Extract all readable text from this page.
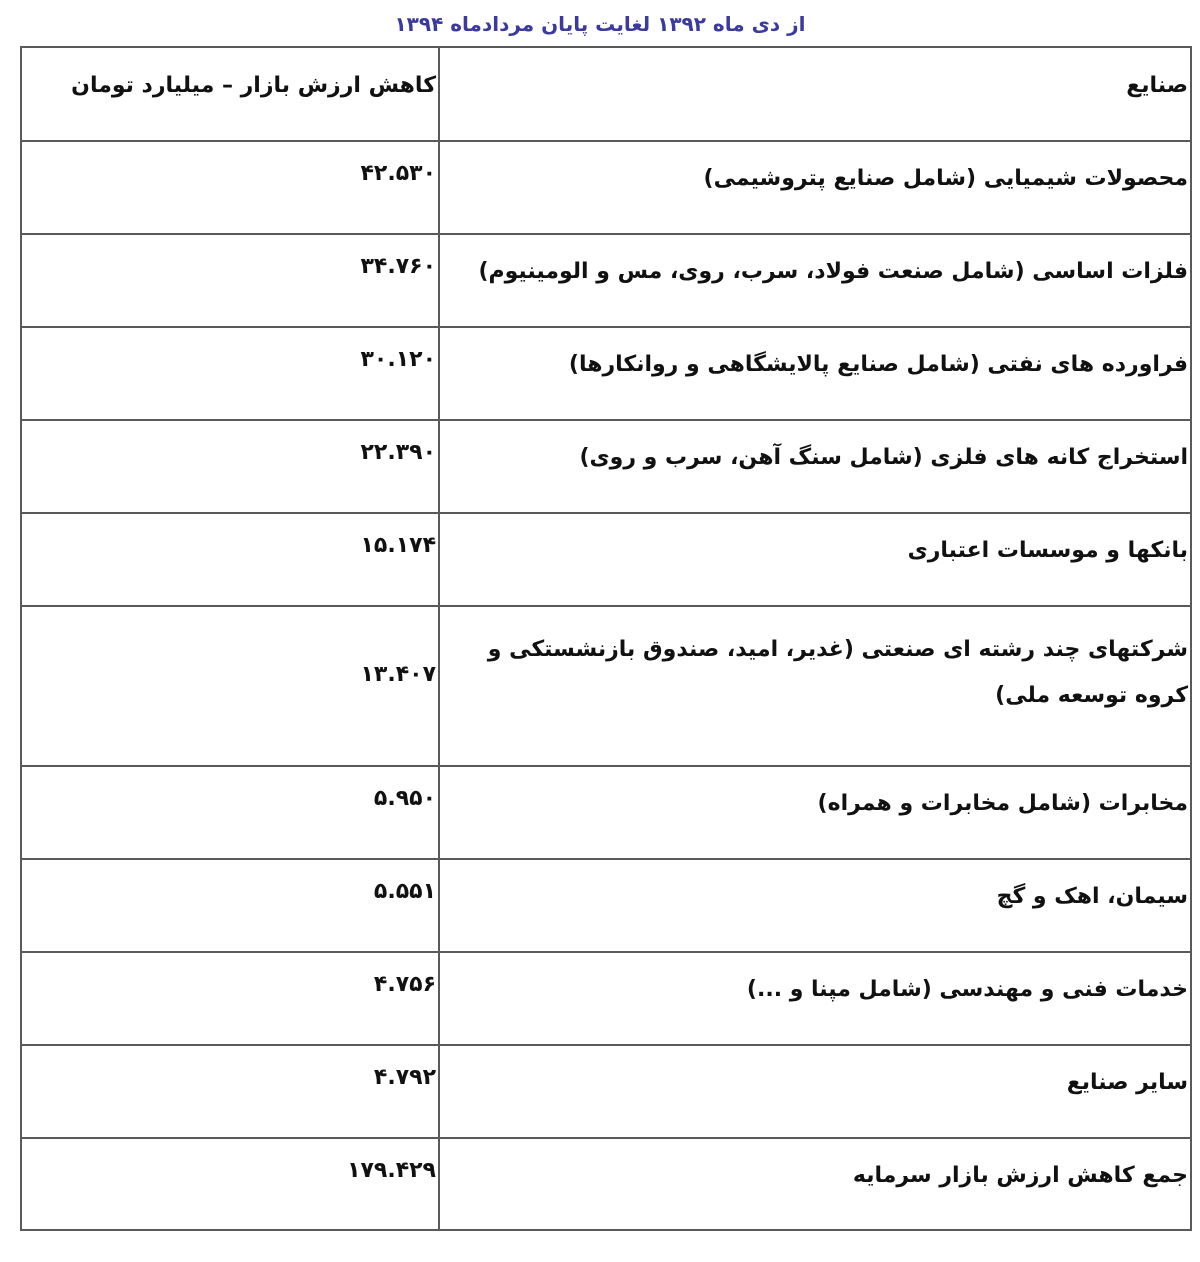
از دی ماه ۱۳۹۲ لغایت پایان مردادماه ۱۳۹۴
صنایع	کاهش ارزش بازار – میلیارد تومان

محصولات شیمیایی (شامل صنایع پتروشیمی)	۴۲.۵۳۰

فلزات اساسی (شامل صنعت فولاد، سرب، روی، مس و الومینیوم)	۳۴.۷۶۰

فراورده های نفتی (شامل صنایع پالایشگاهی و روانکارها)	۳۰.۱۲۰

استخراج کانه های فلزی (شامل سنگ آهن، سرب و روی)	۲۲.۳۹۰

بانکها و موسسات اعتباری	۱۵.۱۷۴

شرکتهای چند رشته ای صنعتی (غدیر، امید، صندوق بازنشستکی و کروه توسعه ملی)	۱۳.۴۰۷

مخابرات (شامل مخابرات و همراه)	۵.۹۵۰

سیمان، اهک و گچ	۵.۵۵۱

خدمات فنی و مهندسی (شامل مپنا و ...)	۴.۷۵۶

سایر صنایع	۴.۷۹۲

جمع کاهش ارزش بازار سرمایه	۱۷۹.۴۲۹
